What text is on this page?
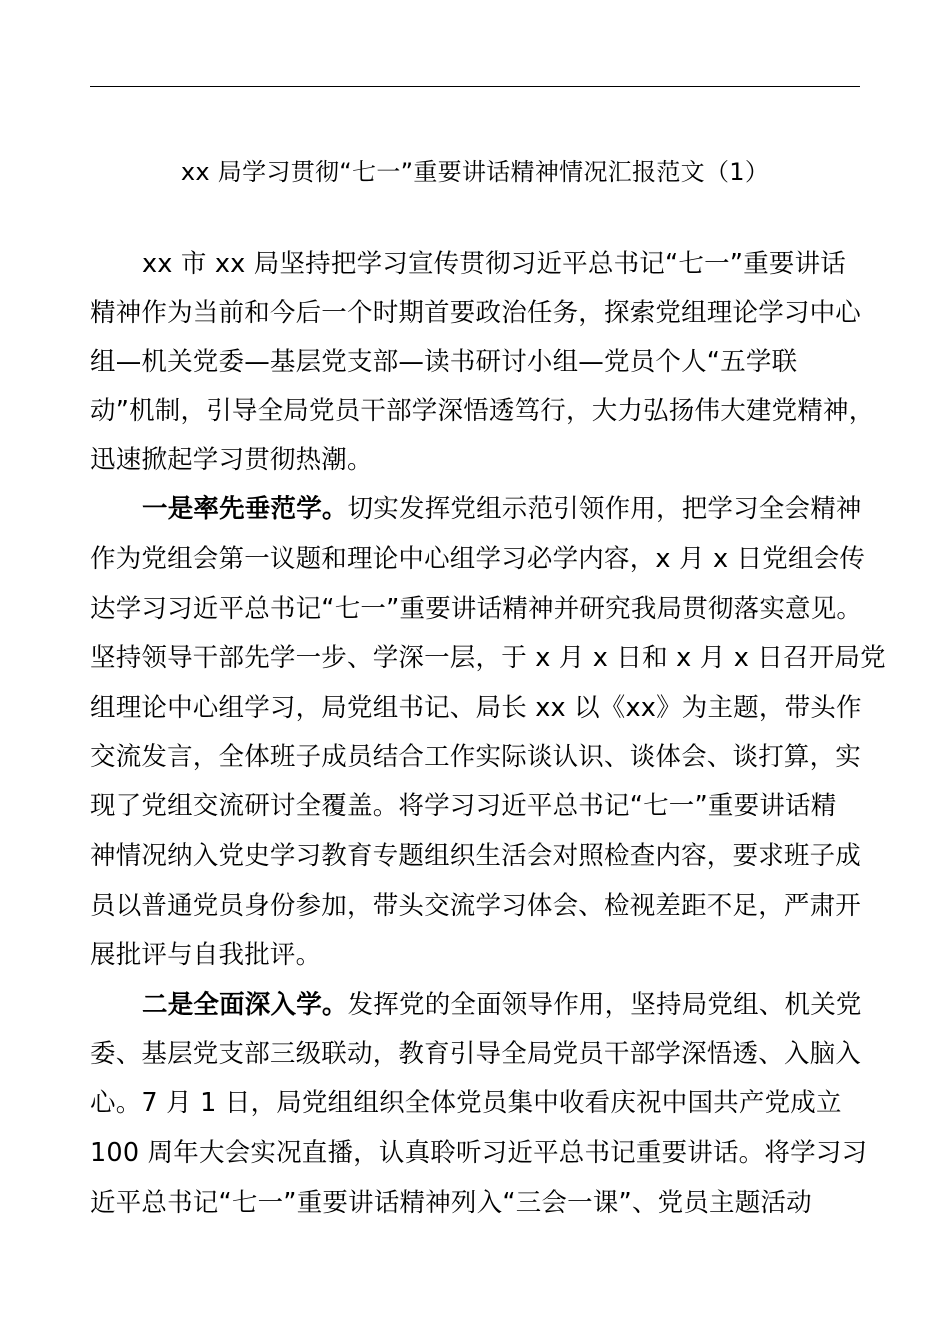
xx 局学习贯彻“七一”重要讲话精神情况汇报范文（1）
xx 市 xx 局坚持把学习宣传贯彻习近平总书记“七一”重要讲话
精神作为当前和今后一个时期首要政治任务，探索党组理论学习中心
组—机关党委—基层党支部—读书研讨小组—党员个人“五学联
动”机制，引导全局党员干部学深悟透笃行，大力弘扬伟大建党精神，
迅速掀起学习贯彻热潮。
一是率先垂范学。切实发挥党组示范引领作用，把学习全会精神
作为党组会第一议题和理论中心组学习必学内容，x 月 x 日党组会传
达学习习近平总书记“七一”重要讲话精神并研究我局贯彻落实意见。
坚持领导干部先学一步、学深一层，于 x 月 x 日和 x 月 x 日召开局党
组理论中心组学习，局党组书记、局长 xx 以《xx》为主题，带头作
交流发言，全体班子成员结合工作实际谈认识、谈体会、谈打算，实
现了党组交流研讨全覆盖。将学习习近平总书记“七一”重要讲话精
神情况纳入党史学习教育专题组织生活会对照检查内容，要求班子成
员以普通党员身份参加，带头交流学习体会、检视差距不足，严肃开
展批评与自我批评。
二是全面深入学。发挥党的全面领导作用，坚持局党组、机关党
委、基层党支部三级联动，教育引导全局党员干部学深悟透、入脑入
心。7 月 1 日，局党组组织全体党员集中收看庆祝中国共产党成立
100 周年大会实况直播，认真聆听习近平总书记重要讲话。将学习习
近平总书记“七一”重要讲话精神列入“三会一课”、党员主题活动
